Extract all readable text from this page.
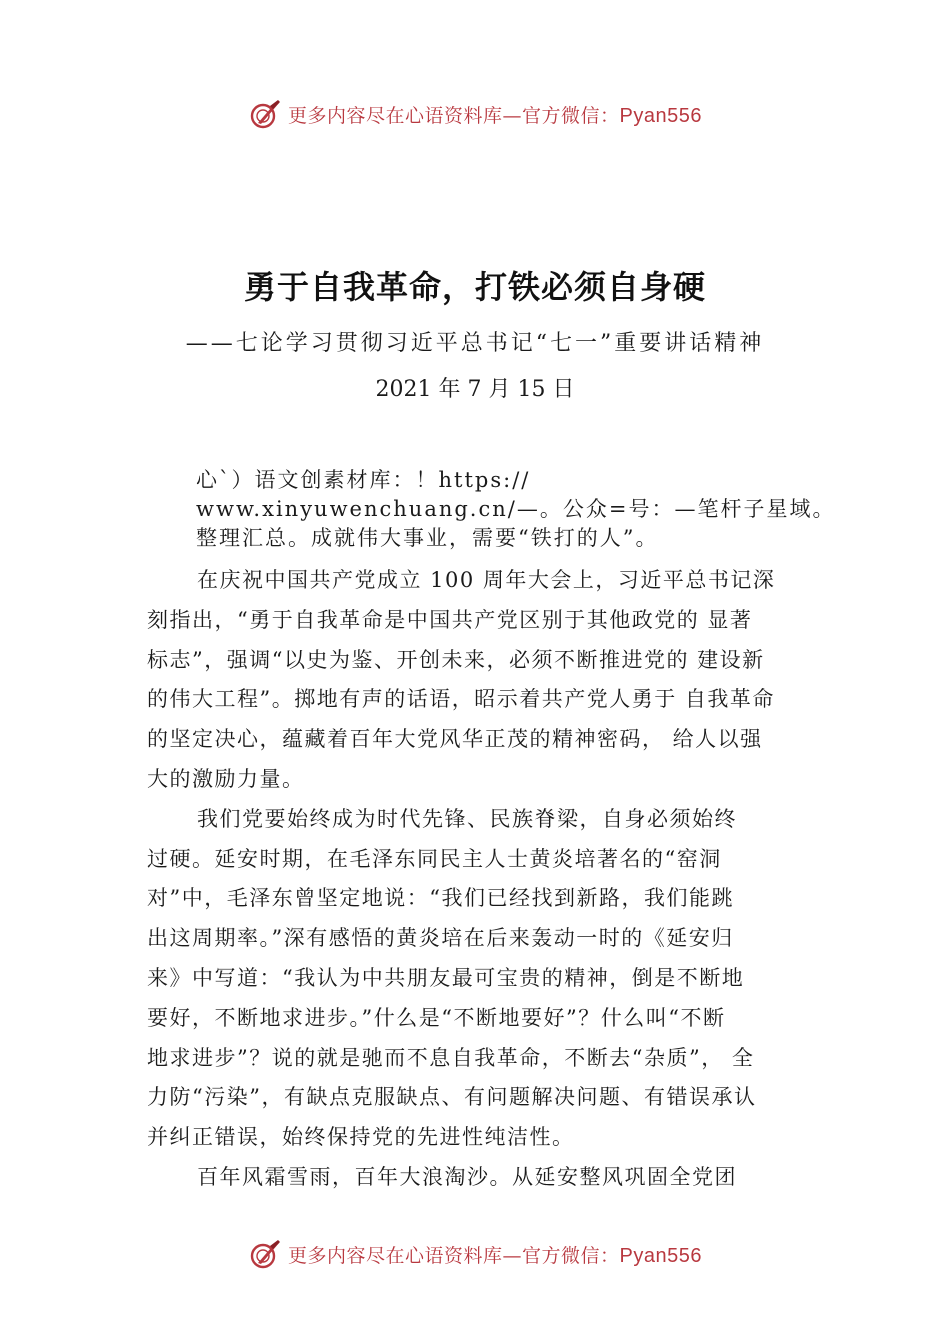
更多内容尽在心语资料库—官方微信：Pyan556
勇于自我革命，打铁必须自身硬
——七论学习贯彻习近平总书记“七一”重要讲话精神
2021 年 7 月 15 日
心`）语文创素材库：！https://
www.xinyuwenchuang.cn/—。公众=号：—笔杆子星域。
整理汇总。成就伟大事业，需要“铁打的人”。
在庆祝中国共产党成立 100 周年大会上，习近平总书记深
刻指出，“勇于自我革命是中国共产党区别于其他政党的 显著
标志”，强调“以史为鉴、开创未来，必须不断推进党的 建设新
的伟大工程”。掷地有声的话语，昭示着共产党人勇于 自我革命
的坚定决心，蕴藏着百年大党风华正茂的精神密码， 给人以强
大的激励力量。
我们党要始终成为时代先锋、民族脊梁，自身必须始终
过硬。延安时期，在毛泽东同民主人士黄炎培著名的“窑洞
对”中，毛泽东曾坚定地说：“我们已经找到新路，我们能跳
出这周期率。”深有感悟的黄炎培在后来轰动一时的《延安归
来》中写道：“我认为中共朋友最可宝贵的精神，倒是不断地
要好，不断地求进步。”什么是“不断地要好”？什么叫“不断
地求进步”？说的就是驰而不息自我革命，不断去“杂质”， 全
力防“污染”，有缺点克服缺点、有问题解决问题、有错误承认
并纠正错误，始终保持党的先进性纯洁性。
百年风霜雪雨，百年大浪淘沙。从延安整风巩固全党团
更多内容尽在心语资料库—官方微信：Pyan556
